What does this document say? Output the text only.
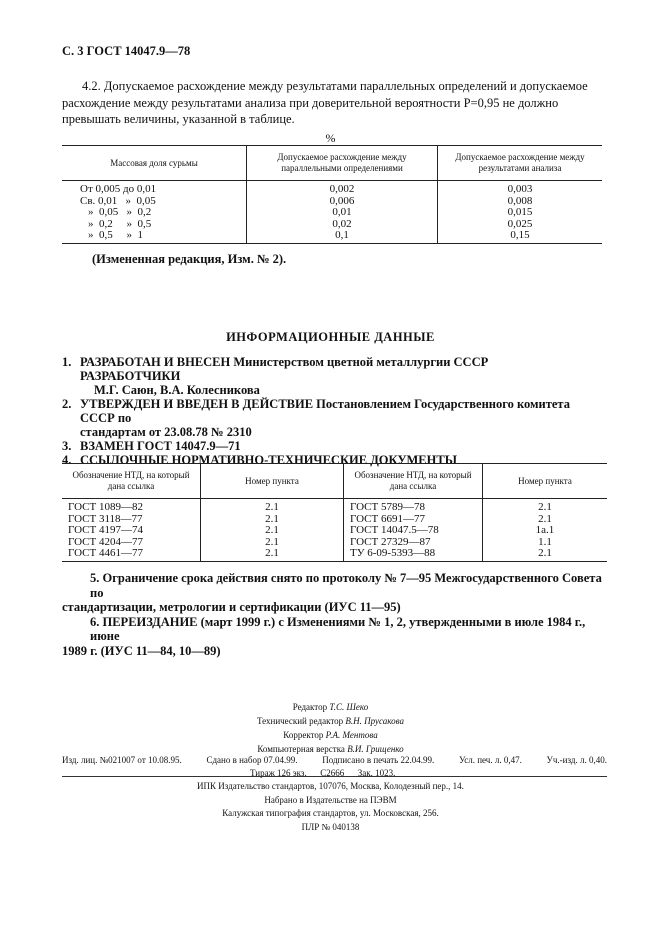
С. 3 ГОСТ 14047.9—78
4.2. Допускаемое расхождение между результатами параллельных определений и допускаемое
расхождение между результатами анализа при доверительной вероятности P=0,95 не должно
превышать величины, указанной в таблице.
%
Массовая доля сурьмы	Допускаемое расхождение между параллельными определениями	Допускаемое расхождение между результатами анализа
От 0,005 до 0,01	0,002	0,003
Св. 0,01   »  0,05	0,006	0,008
»  0,05   »  0,2	0,01	0,015
»  0,2     »  0,5	0,02	0,025
»  0,5     »  1	0,1	0,15
(Измененная редакция, Изм. № 2).
ИНФОРМАЦИОННЫЕ ДАННЫЕ
1. РАЗРАБОТАН И ВНЕСЕН Министерством цветной металлургии СССР
РАЗРАБОТЧИКИ
М.Г. Саюн, В.А. Колесникова
2. УТВЕРЖДЕН И ВВЕДЕН В ДЕЙСТВИЕ Постановлением Государственного комитета СССР по
стандартам от 23.08.78 № 2310
3. ВЗАМЕН ГОСТ 14047.9—71
4. ССЫЛОЧНЫЕ НОРМАТИВНО-ТЕХНИЧЕСКИЕ ДОКУМЕНТЫ
Обозначение НТД, на который дана ссылка	Номер пункта	Обозначение НТД, на который дана ссылка	Номер пункта
ГОСТ 1089—82	2.1	ГОСТ 5789—78	2.1
ГОСТ 3118—77	2.1	ГОСТ 6691—77	2.1
ГОСТ 4197—74	2.1	ГОСТ 14047.5—78	1а.1
ГОСТ 4204—77	2.1	ГОСТ 27329—87	1.1
ГОСТ 4461—77	2.1	ТУ 6-09-5393—88	2.1
5. Ограничение срока действия снято по протоколу № 7—95 Межгосударственного Совета по
стандартизации, метрологии и сертификации (ИУС 11—95)
6. ПЕРЕИЗДАНИЕ (март 1999 г.) с Изменениями № 1, 2, утвержденными в июле 1984 г., июне
1989 г. (ИУС 11—84, 10—89)
Редактор Т.С. Шеко
Технический редактор В.Н. Прусакова
Корректор Р.А. Ментова
Компьютерная верстка В.И. Грищенко
Изд. лиц. №021007 от 10.08.95.	Сдано в набор 07.04.99.	Подписано в печать 22.04.99.	Усл. печ. л. 0,47.	Уч.-изд. л. 0,40.
Тираж 126 экз. С2666 Зак. 1023.
ИПК Издательство стандартов, 107076, Москва, Колодезный пер., 14.
Набрано в Издательстве на ПЭВМ
Калужская типография стандартов, ул. Московская, 256.
ПЛР № 040138
